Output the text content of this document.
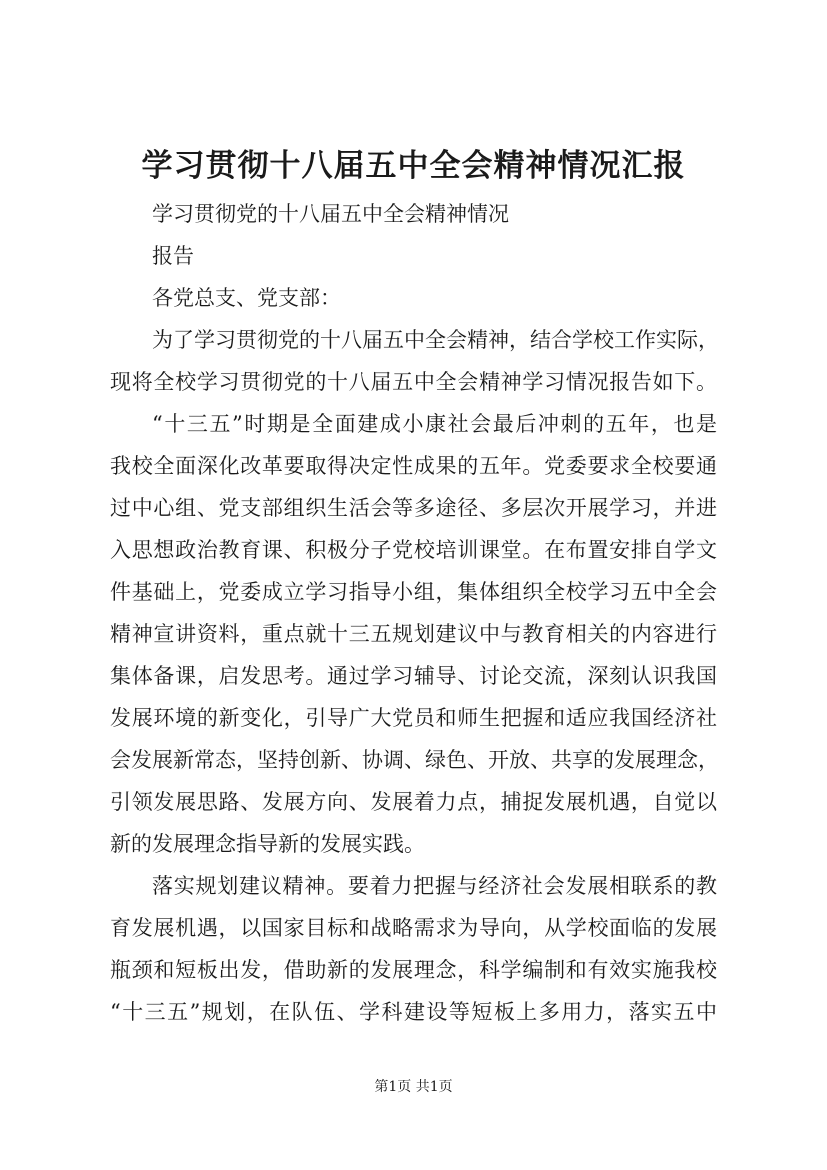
学习贯彻十八届五中全会精神情况汇报
学习贯彻党的十八届五中全会精神情况
报告
各党总支、党支部：
为了学习贯彻党的十八届五中全会精神，结合学校工作实际，
现将全校学习贯彻党的十八届五中全会精神学习情况报告如下。
“十三五”时期是全面建成小康社会最后冲刺的五年，也是
我校全面深化改革要取得决定性成果的五年。党委要求全校要通
过中心组、党支部组织生活会等多途径、多层次开展学习，并进
入思想政治教育课、积极分子党校培训课堂。在布置安排自学文
件基础上，党委成立学习指导小组，集体组织全校学习五中全会
精神宣讲资料，重点就十三五规划建议中与教育相关的内容进行
集体备课，启发思考。通过学习辅导、讨论交流，深刻认识我国
发展环境的新变化，引导广大党员和师生把握和适应我国经济社
会发展新常态，坚持创新、协调、绿色、开放、共享的发展理念，
引领发展思路、发展方向、发展着力点，捕捉发展机遇，自觉以
新的发展理念指导新的发展实践。
落实规划建议精神。要着力把握与经济社会发展相联系的教
育发展机遇，以国家目标和战略需求为导向，从学校面临的发展
瓶颈和短板出发，借助新的发展理念，科学编制和有效实施我校
“十三五”规划，在队伍、学科建设等短板上多用力，落实五中
第1页 共1页
